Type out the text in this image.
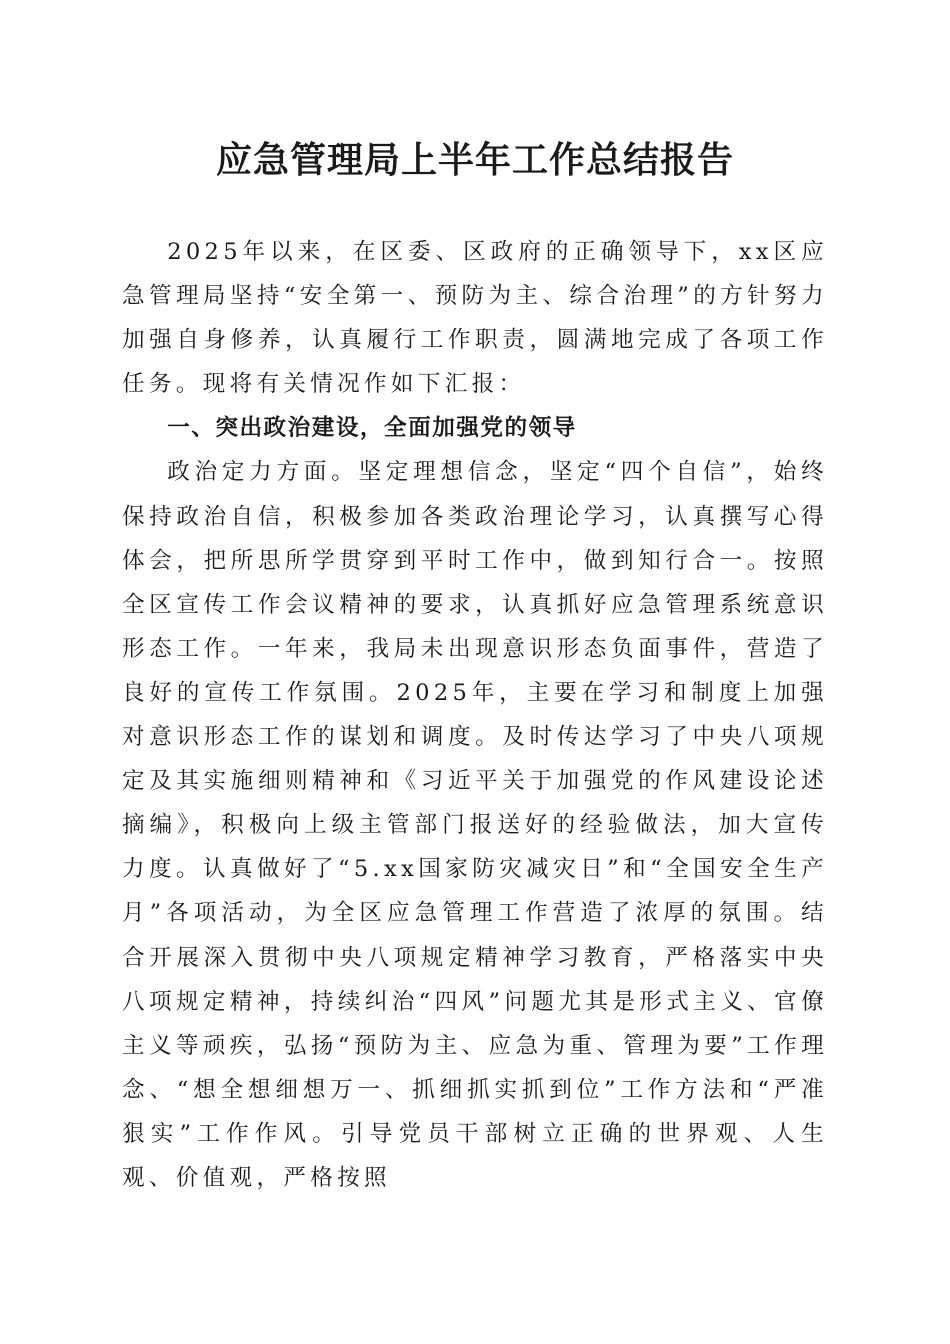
应急管理局上半年工作总结报告

2025年以来，在区委、区政府的正确领导下，xx区应急管理局坚持“安全第一、预防为主、综合治理”的方针努力加强自身修养，认真履行工作职责，圆满地完成了各项工作任务。现将有关情况作如下汇报：

一、突出政治建设，全面加强党的领导

政治定力方面。坚定理想信念，坚定“四个自信”，始终保持政治自信，积极参加各类政治理论学习，认真撰写心得体会，把所思所学贯穿到平时工作中，做到知行合一。按照全区宣传工作会议精神的要求，认真抓好应急管理系统意识形态工作。一年来，我局未出现意识形态负面事件，营造了良好的宣传工作氛围。2025年，主要在学习和制度上加强对意识形态工作的谋划和调度。及时传达学习了中央八项规定及其实施细则精神和《习近平关于加强党的作风建设论述摘编》，积极向上级主管部门报送好的经验做法，加大宣传力度。认真做好了“5.xx国家防灾减灾日”和“全国安全生产月”各项活动，为全区应急管理工作营造了浓厚的氛围。结合开展深入贯彻中央八项规定精神学习教育，严格落实中央八项规定精神，持续纠治“四风”问题尤其是形式主义、官僚主义等顽疾，弘扬“预防为主、应急为重、管理为要”工作理念、“想全想细想万一、抓细抓实抓到位”工作方法和“严准狠实”工作作风。引导党员干部树立正确的世界观、人生观、价值观，严格按照
